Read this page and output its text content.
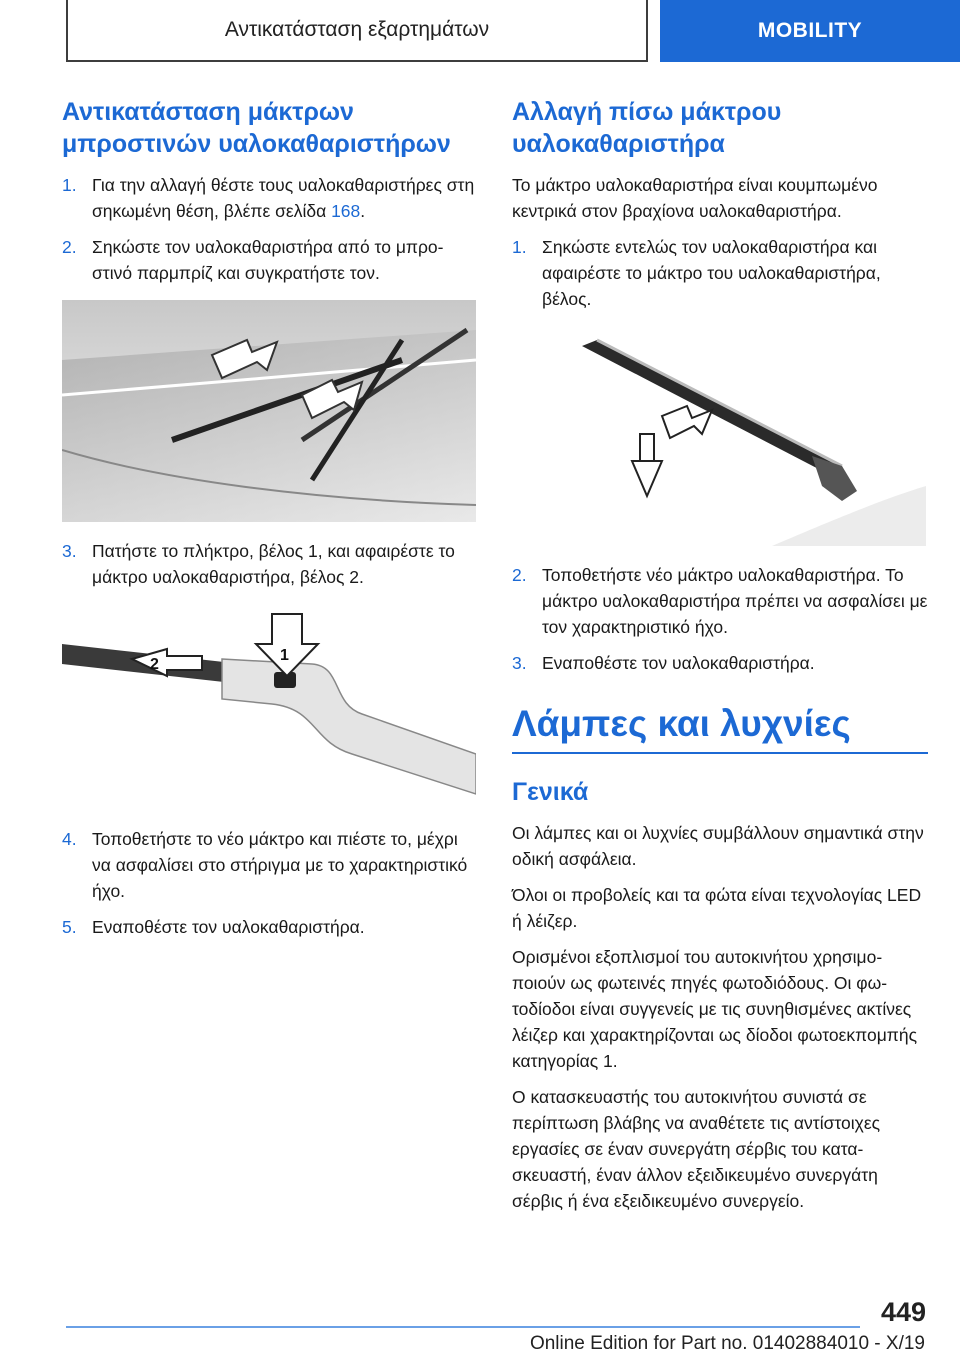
Αντικατάσταση εξαρτημάτων	MOBILITY
Αντικατάσταση μάκτρων μπροστινών υαλοκαθαριστήρων
1. Για την αλλαγή θέστε τους υαλοκαθαριστήρες στη σηκωμένη θέση, βλέπε σελίδα 168.
2. Σηκώστε τον υαλοκαθαριστήρα από το μπροστινό παρμπρίζ και συγκρατήστε τον.
3. Πατήστε το πλήκτρο, βέλος 1, και αφαιρέστε το μάκτρο υαλοκαθαριστήρα, βέλος 2.
2
1
4. Τοποθετήστε το νέο μάκτρο και πιέστε το, μέχρι να ασφαλίσει στο στήριγμα με το χαρακτηριστικό ήχο.
5. Εναποθέστε τον υαλοκαθαριστήρα.
Αλλαγή πίσω μάκτρου υαλοκαθαριστήρα

Το μάκτρο υαλοκαθαριστήρα είναι κουμπωμένο κεντρικά στον βραχίονα υαλοκαθαριστήρα.

1. Σηκώστε εντελώς τον υαλοκαθαριστήρα και αφαιρέστε το μάκτρο του υαλοκαθαριστήρα, βέλος.
2. Τοποθετήστε νέο μάκτρο υαλοκαθαριστήρα. Το μάκτρο υαλοκαθαριστήρα πρέπει να ασφαλίσει με τον χαρακτηριστικό ήχο.
3. Εναποθέστε τον υαλοκαθαριστήρα.
Λάμπες και λυχνίες
Γενικά

Οι λάμπες και οι λυχνίες συμβάλλουν σημαντικά στην οδική ασφάλεια.

Όλοι οι προβολείς και τα φώτα είναι τεχνολογίας LED ή λέιζερ.

Ορισμένοι εξοπλισμοί του αυτοκινήτου χρησιμοποιούν ως φωτεινές πηγές φωτοδιόδους. Οι φωτοδίοδοι είναι συγγενείς με τις συνηθισμένες ακτίνες λέιζερ και χαρακτηρίζονται ως δίοδοι φωτοεκπομπής κατηγορίας 1.

Ο κατασκευαστής του αυτοκινήτου συνιστά σε περίπτωση βλάβης να αναθέτετε τις αντίστοιχες εργασίες σε έναν συνεργάτη σέρβις του κατασκευαστή, έναν άλλον εξειδικευμένο συνεργάτη σέρβις ή ένα εξειδικευμένο συνεργείο.

449
Online Edition for Part no. 01402884010 - X/19
